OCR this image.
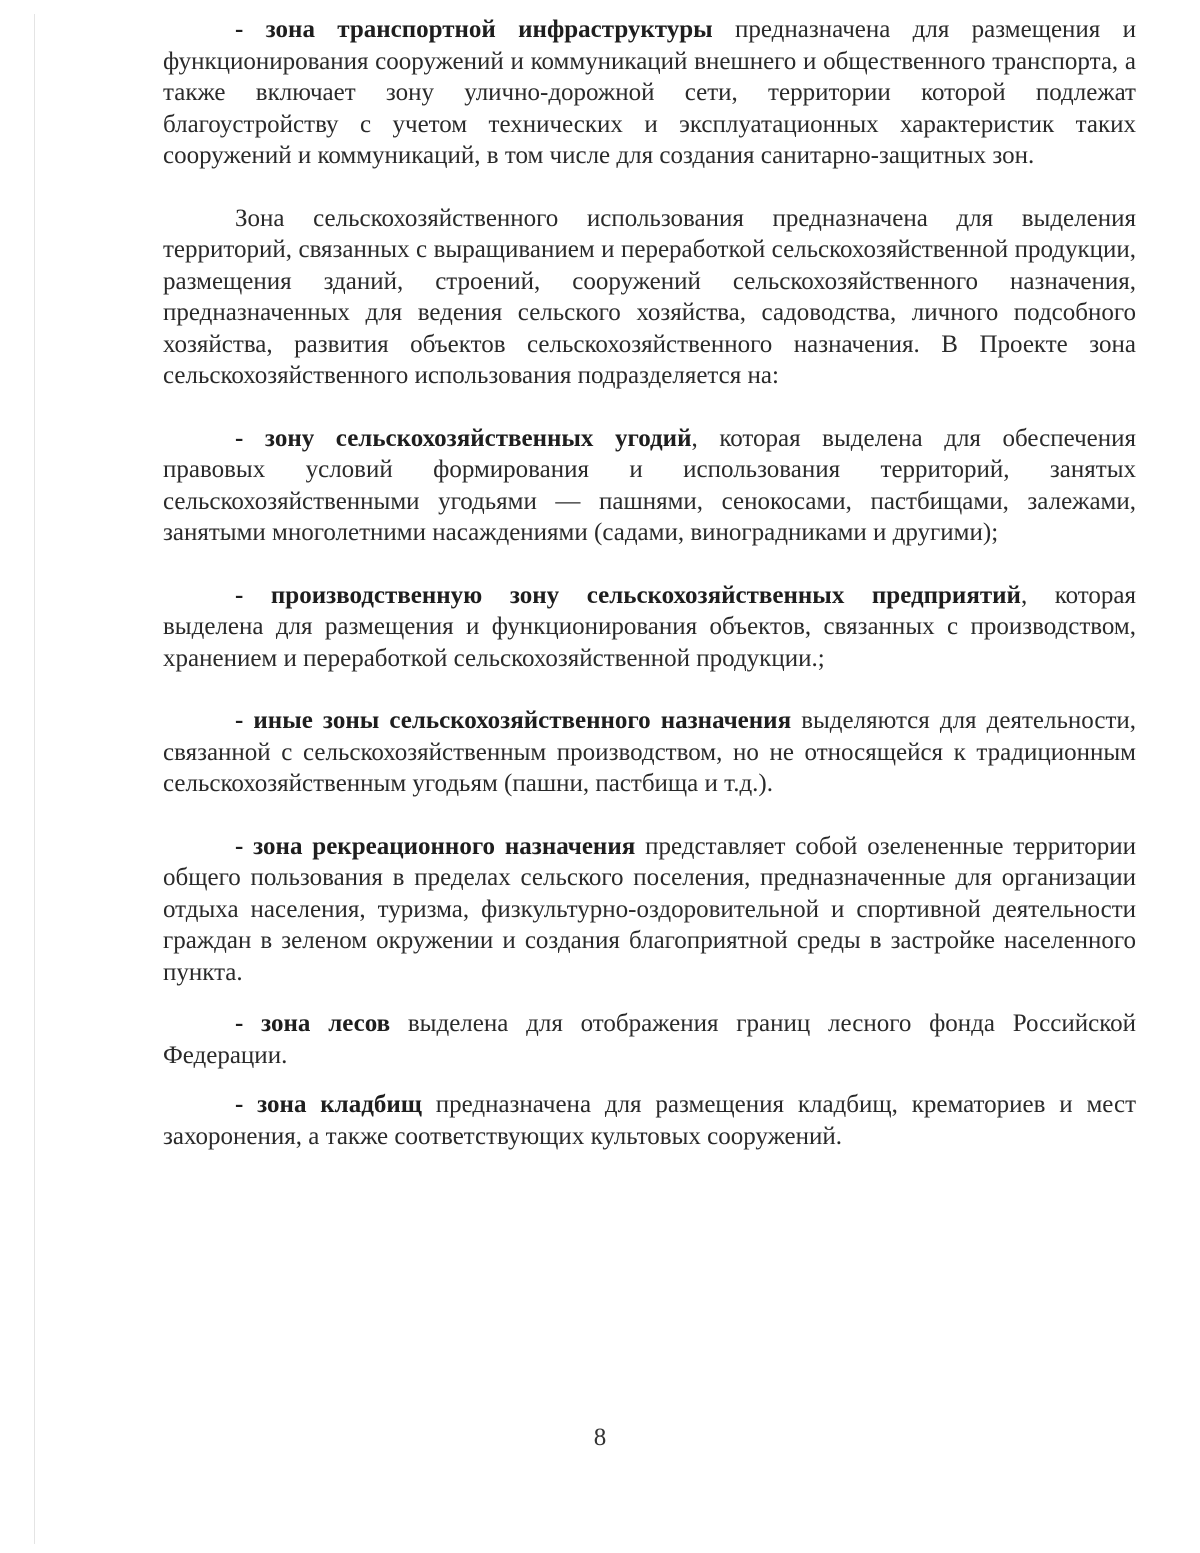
- зона транспортной инфраструктуры предназначена для размещения и функционирования сооружений и коммуникаций внешнего и общественного транспорта, а также включает зону улично-дорожной сети, территории которой подлежат благоустройству с учетом технических и эксплуатационных характеристик таких сооружений и коммуникаций, в том числе для создания санитарно-защитных зон.

Зона сельскохозяйственного использования предназначена для выделения территорий, связанных с выращиванием и переработкой сельскохозяйственной продукции, размещения зданий, строений, сооружений сельскохозяйственного назначения, предназначенных для ведения сельского хозяйства, садоводства, личного подсобного хозяйства, развития объектов сельскохозяйственного назначения. В Проекте зона сельскохозяйственного использования подразделяется на:

- зону сельскохозяйственных угодий, которая выделена для обеспечения правовых условий формирования и использования территорий, занятых сельскохозяйственными угодьями — пашнями, сенокосами, пастбищами, залежами, занятыми многолетними насаждениями (садами, виноградниками и другими);

- производственную зону сельскохозяйственных предприятий, которая выделена для размещения и функционирования объектов, связанных с производством, хранением и переработкой сельскохозяйственной продукции.;

- иные зоны сельскохозяйственного назначения выделяются для деятельности, связанной с сельскохозяйственным производством, но не относящейся к традиционным сельскохозяйственным угодьям (пашни, пастбища и т.д.).

- зона рекреационного назначения представляет собой озелененные территории общего пользования в пределах сельского поселения, предназначенные для организации отдыха населения, туризма, физкультурно-оздоровительной и спортивной деятельности граждан в зеленом окружении и создания благоприятной среды в застройке населенного пункта.

- зона лесов выделена для отображения границ лесного фонда Российской Федерации.

- зона кладбищ предназначена для размещения кладбищ, крематориев и мест захоронения, а также соответствующих культовых сооружений.

8
